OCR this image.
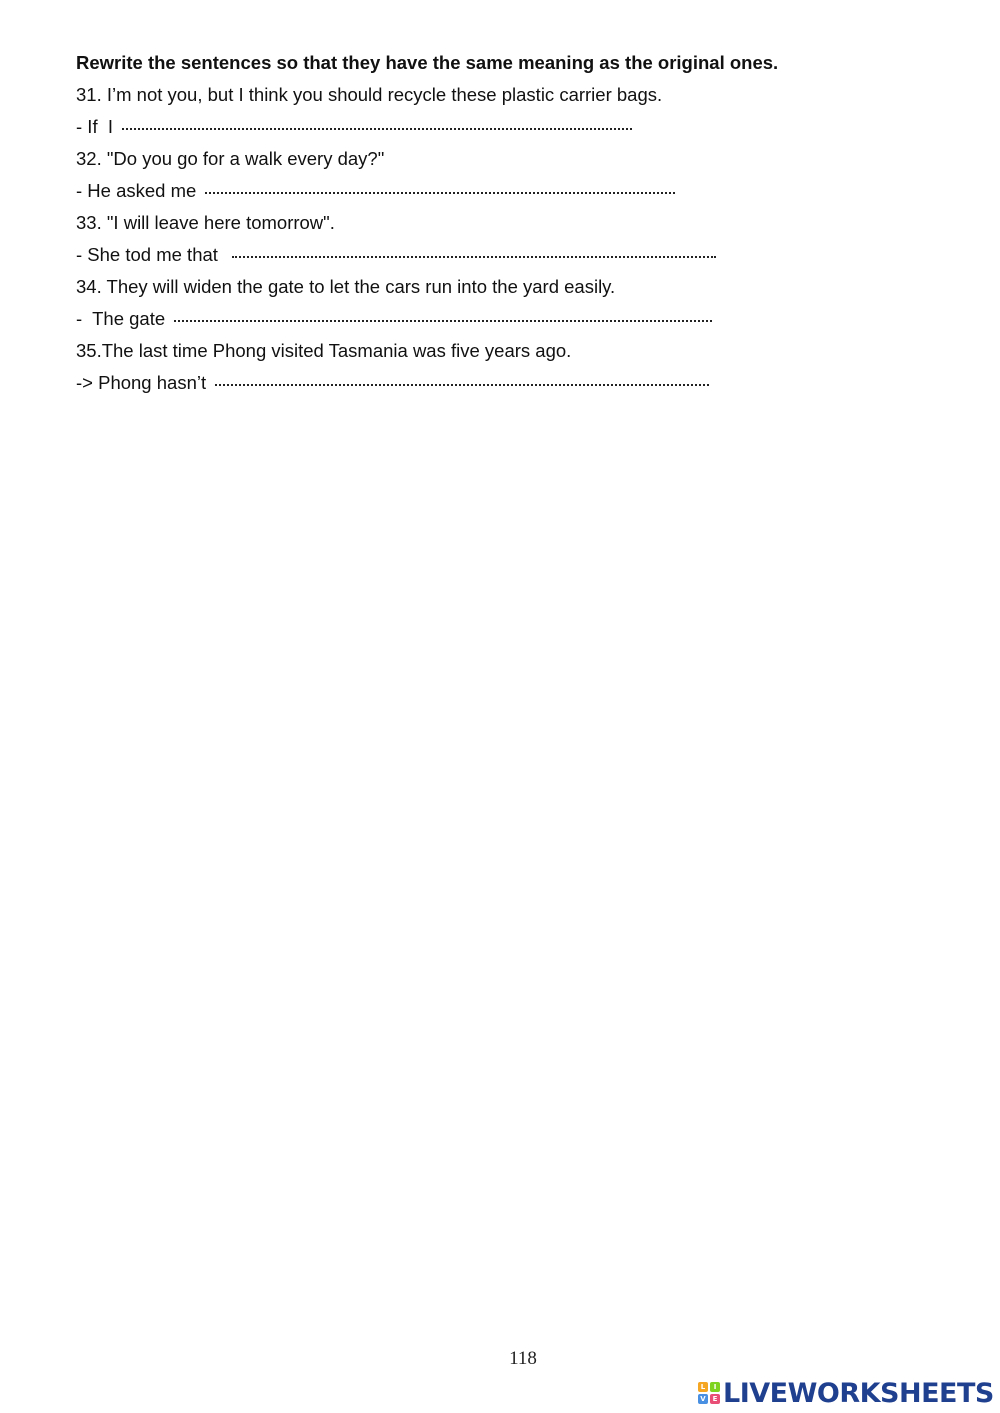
Rewrite the sentences so that they have the same meaning as the original ones.

31. I’m not you, but I think you should recycle these plastic carrier bags.
- If  I
32. "Do you go for a walk every day?"
- He asked me
33. "I will leave here tomorrow".
- She tod me that
34. They will widen the gate to let the cars run into the yard easily.
-  The gate
35.The last time Phong visited Tasmania was five years ago.
-> Phong hasn’t
118
L	I
V E LIVEWORKSHEETS
